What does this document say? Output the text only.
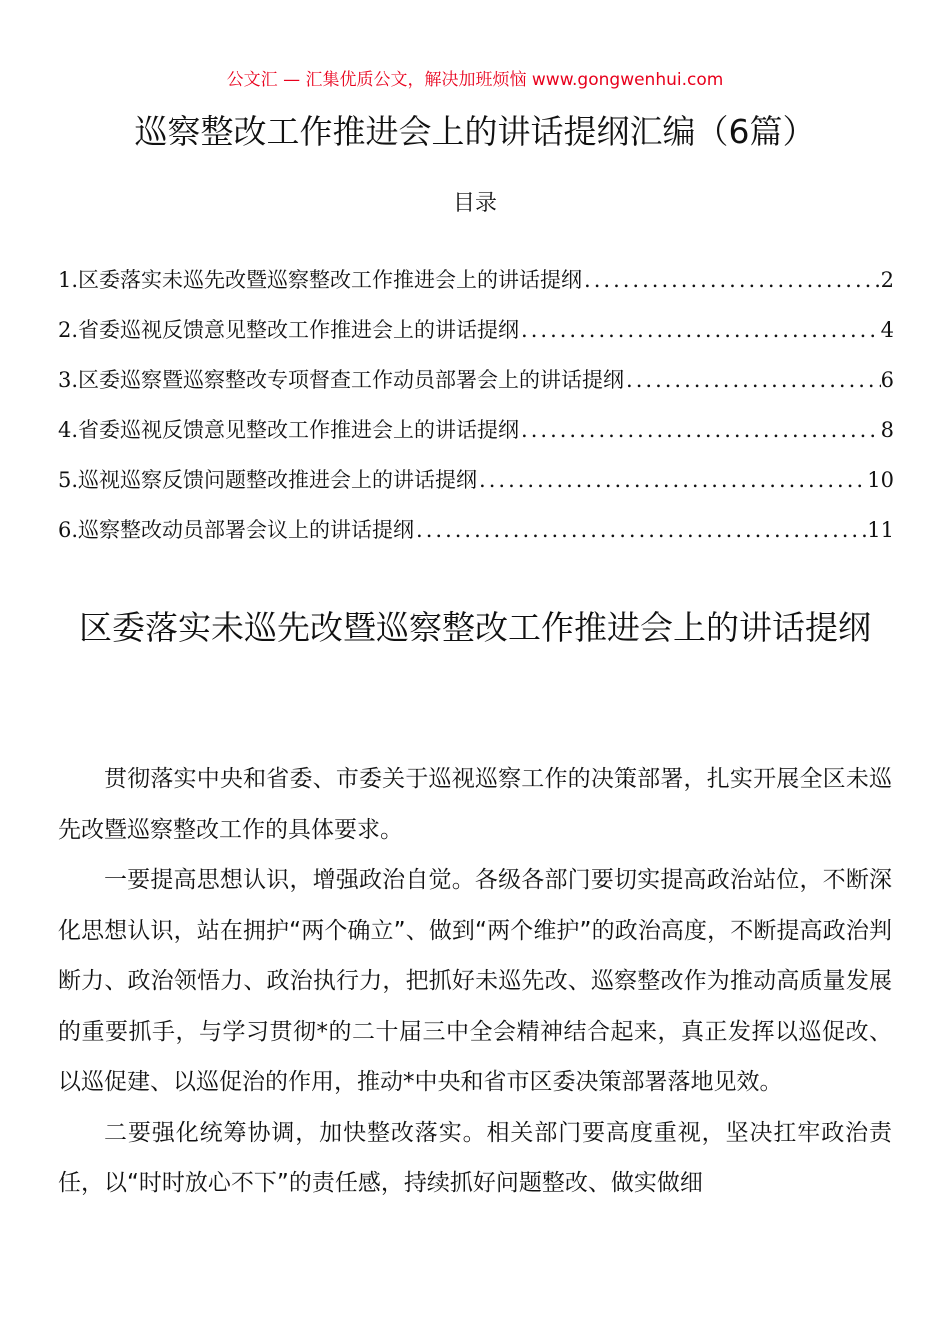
公文汇 — 汇集优质公文，解决加班烦恼 www.gongwenhui.com
巡察整改工作推进会上的讲话提纲汇编（6篇）
目录
1. 区委落实未巡先改暨巡察整改工作推进会上的讲话提纲 .....	2
2. 省委巡视反馈意见整改工作推进会上的讲话提纲 .....	4
3. 区委巡察暨巡察整改专项督查工作动员部署会上的讲话提纲 .....	6
4. 省委巡视反馈意见整改工作推进会上的讲话提纲 .....	8
5. 巡视巡察反馈问题整改推进会上的讲话提纲 .....	10
6. 巡察整改动员部署会议上的讲话提纲 .....	11
区委落实未巡先改暨巡察整改工作推进会上的讲话提纲

贯彻落实中央和省委、市委关于巡视巡察工作的决策部署，扎实开展全区未巡先改暨巡察整改工作的具体要求。

一要提高思想认识，增强政治自觉。各级各部门要切实提高政治站位，不断深化思想认识，站在拥护“两个确立”、做到“两个维护”的政治高度，不断提高政治判断力、政治领悟力、政治执行力，把抓好未巡先改、巡察整改作为推动高质量发展的重要抓手，与学习贯彻*的二十届三中全会精神结合起来，真正发挥以巡促改、以巡促建、以巡促治的作用，推动*中央和省市区委决策部署落地见效。

二要强化统筹协调，加快整改落实。相关部门要高度重视，坚决扛牢政治责任，以“时时放心不下”的责任感，持续抓好问题整改、做实做细
